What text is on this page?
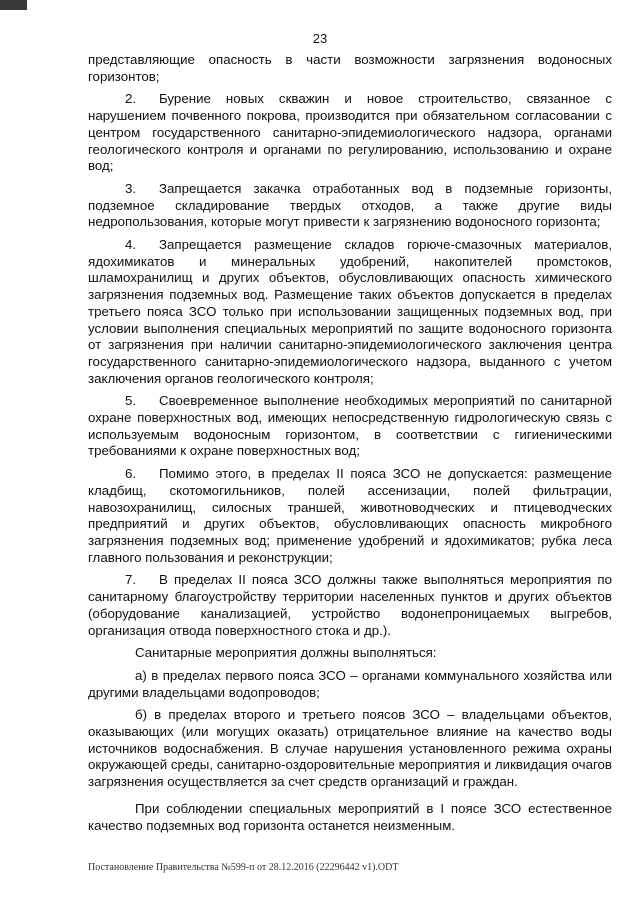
23

представляющие опасность в части возможности загрязнения водоносных горизонтов;

2. Бурение новых скважин и новое строительство, связанное с нарушением почвенного покрова, производится при обязательном согласовании с центром государственного санитарно-эпидемиологического надзора, органами геологического контроля и органами по регулированию, использованию и охране вод;

3. Запрещается закачка отработанных вод в подземные горизонты, подземное складирование твердых отходов, а также другие виды недропользования, которые могут привести к загрязнению водоносного горизонта;

4. Запрещается размещение складов горюче-смазочных материалов, ядохимикатов и минеральных удобрений, накопителей промстоков, шламохранилищ и других объектов, обусловливающих опасность химического загрязнения подземных вод. Размещение таких объектов допускается в пределах третьего пояса ЗСО только при использовании защищенных подземных вод, при условии выполнения специальных мероприятий по защите водоносного горизонта от загрязнения при наличии санитарно-эпидемиологического заключения центра государственного санитарно-эпидемиологического надзора, выданного с учетом заключения органов геологического контроля;

5. Своевременное выполнение необходимых мероприятий по санитарной охране поверхностных вод, имеющих непосредственную гидрологическую связь с используемым водоносным горизонтом, в соответствии с гигиеническими требованиями к охране поверхностных вод;

6. Помимо этого, в пределах II пояса ЗСО не допускается: размещение кладбищ, скотомогильников, полей ассенизации, полей фильтрации, навозохранилищ, силосных траншей, животноводческих и птицеводческих предприятий и других объектов, обусловливающих опасность микробного загрязнения подземных вод; применение удобрений и ядохимикатов; рубка леса главного пользования и реконструкции;

7. В пределах II пояса ЗСО должны также выполняться мероприятия по санитарному благоустройству территории населенных пунктов и других объектов (оборудование канализацией, устройство водонепроницаемых выгребов, организация отвода поверхностного стока и др.).

Санитарные мероприятия должны выполняться:

а) в пределах первого пояса ЗСО – органами коммунального хозяйства или другими владельцами водопроводов;

б) в пределах второго и третьего поясов ЗСО – владельцами объектов, оказывающих (или могущих оказать) отрицательное влияние на качество воды источников водоснабжения. В случае нарушения установленного режима охраны окружающей среды, санитарно-оздоровительные мероприятия и ликвидация очагов загрязнения осуществляется за счет средств организаций и граждан.

При соблюдении специальных мероприятий в I поясе ЗСО естественное качество подземных вод горизонта останется неизменным.

Постановление Правительства №599-п от 28.12.2016 (22296442 v1).ODT
